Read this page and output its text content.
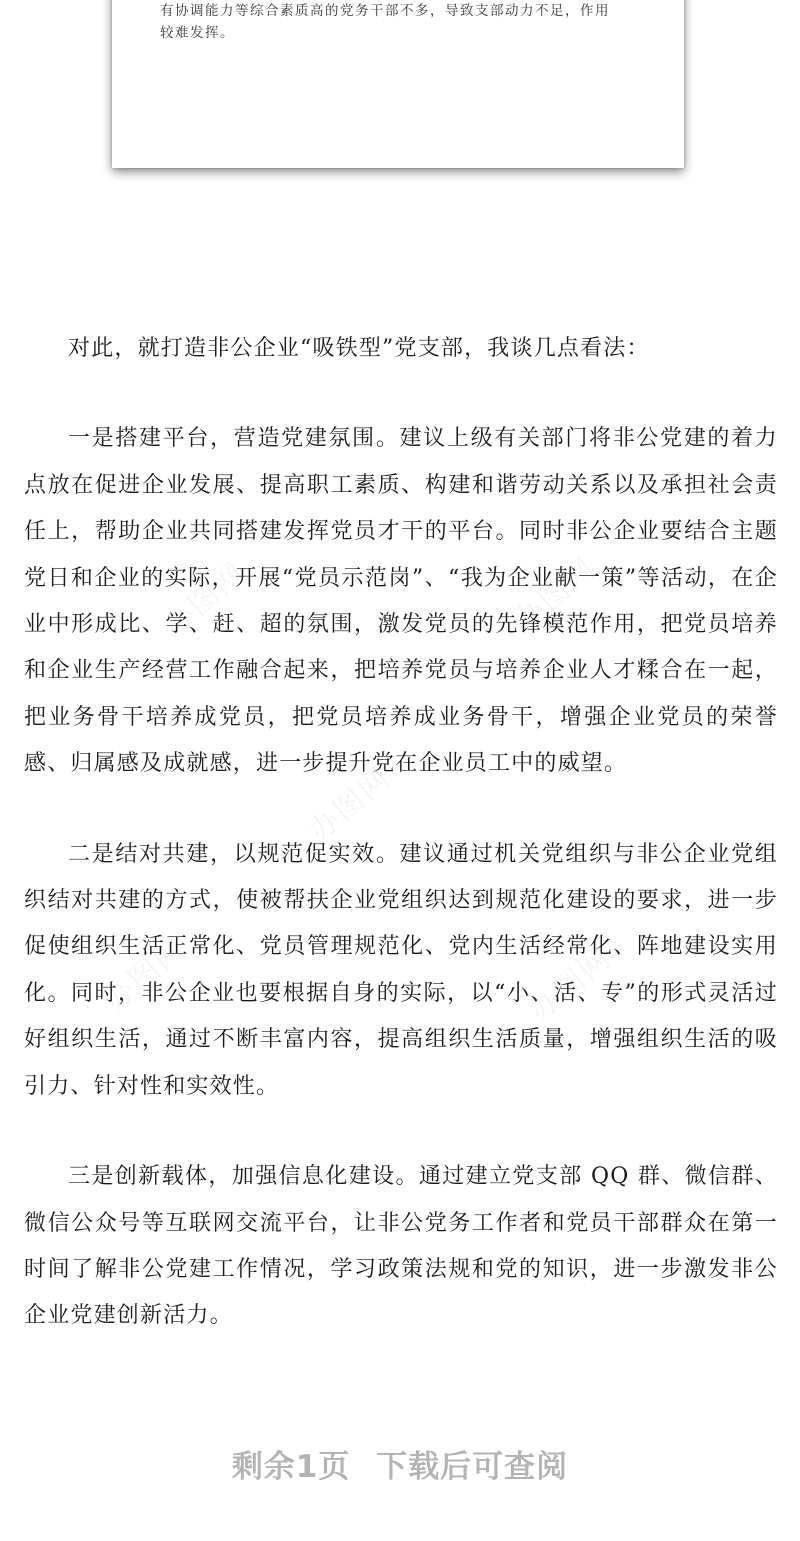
有协调能力等综合素质高的党务干部不多，导致支部动力不足，作用

较难发挥。

对此，就打造非公企业“吸铁型”党支部，我谈几点看法：

一是搭建平台，营造党建氛围。建议上级有关部门将非公党建的着力点放在促进企业发展、提高职工素质、构建和谐劳动关系以及承担社会责任上，帮助企业共同搭建发挥党员才干的平台。同时非公企业要结合主题党日和企业的实际，开展“党员示范岗”、“我为企业献一策”等活动，在企业中形成比、学、赶、超的氛围，激发党员的先锋模范作用，把党员培养和企业生产经营工作融合起来，把培养党员与培养企业人才糅合在一起，把业务骨干培养成党员，把党员培养成业务骨干，增强企业党员的荣誉感、归属感及成就感，进一步提升党在企业员工中的威望。

二是结对共建，以规范促实效。建议通过机关党组织与非公企业党组织结对共建的方式，使被帮扶企业党组织达到规范化建设的要求，进一步促使组织生活正常化、党员管理规范化、党内生活经常化、阵地建设实用化。同时，非公企业也要根据自身的实际，以“小、活、专”的形式灵活过好组织生活，通过不断丰富内容，提高组织生活质量，增强组织生活的吸引力、针对性和实效性。

三是创新载体，加强信息化建设。通过建立党支部 QQ 群、微信群、微信公众号等互联网交流平台，让非公党务工作者和党员干部群众在第一时间了解非公党建工作情况，学习政策法规和党的知识，进一步激发非公企业党建创新活力。

剩余1页 下载后可查阅
